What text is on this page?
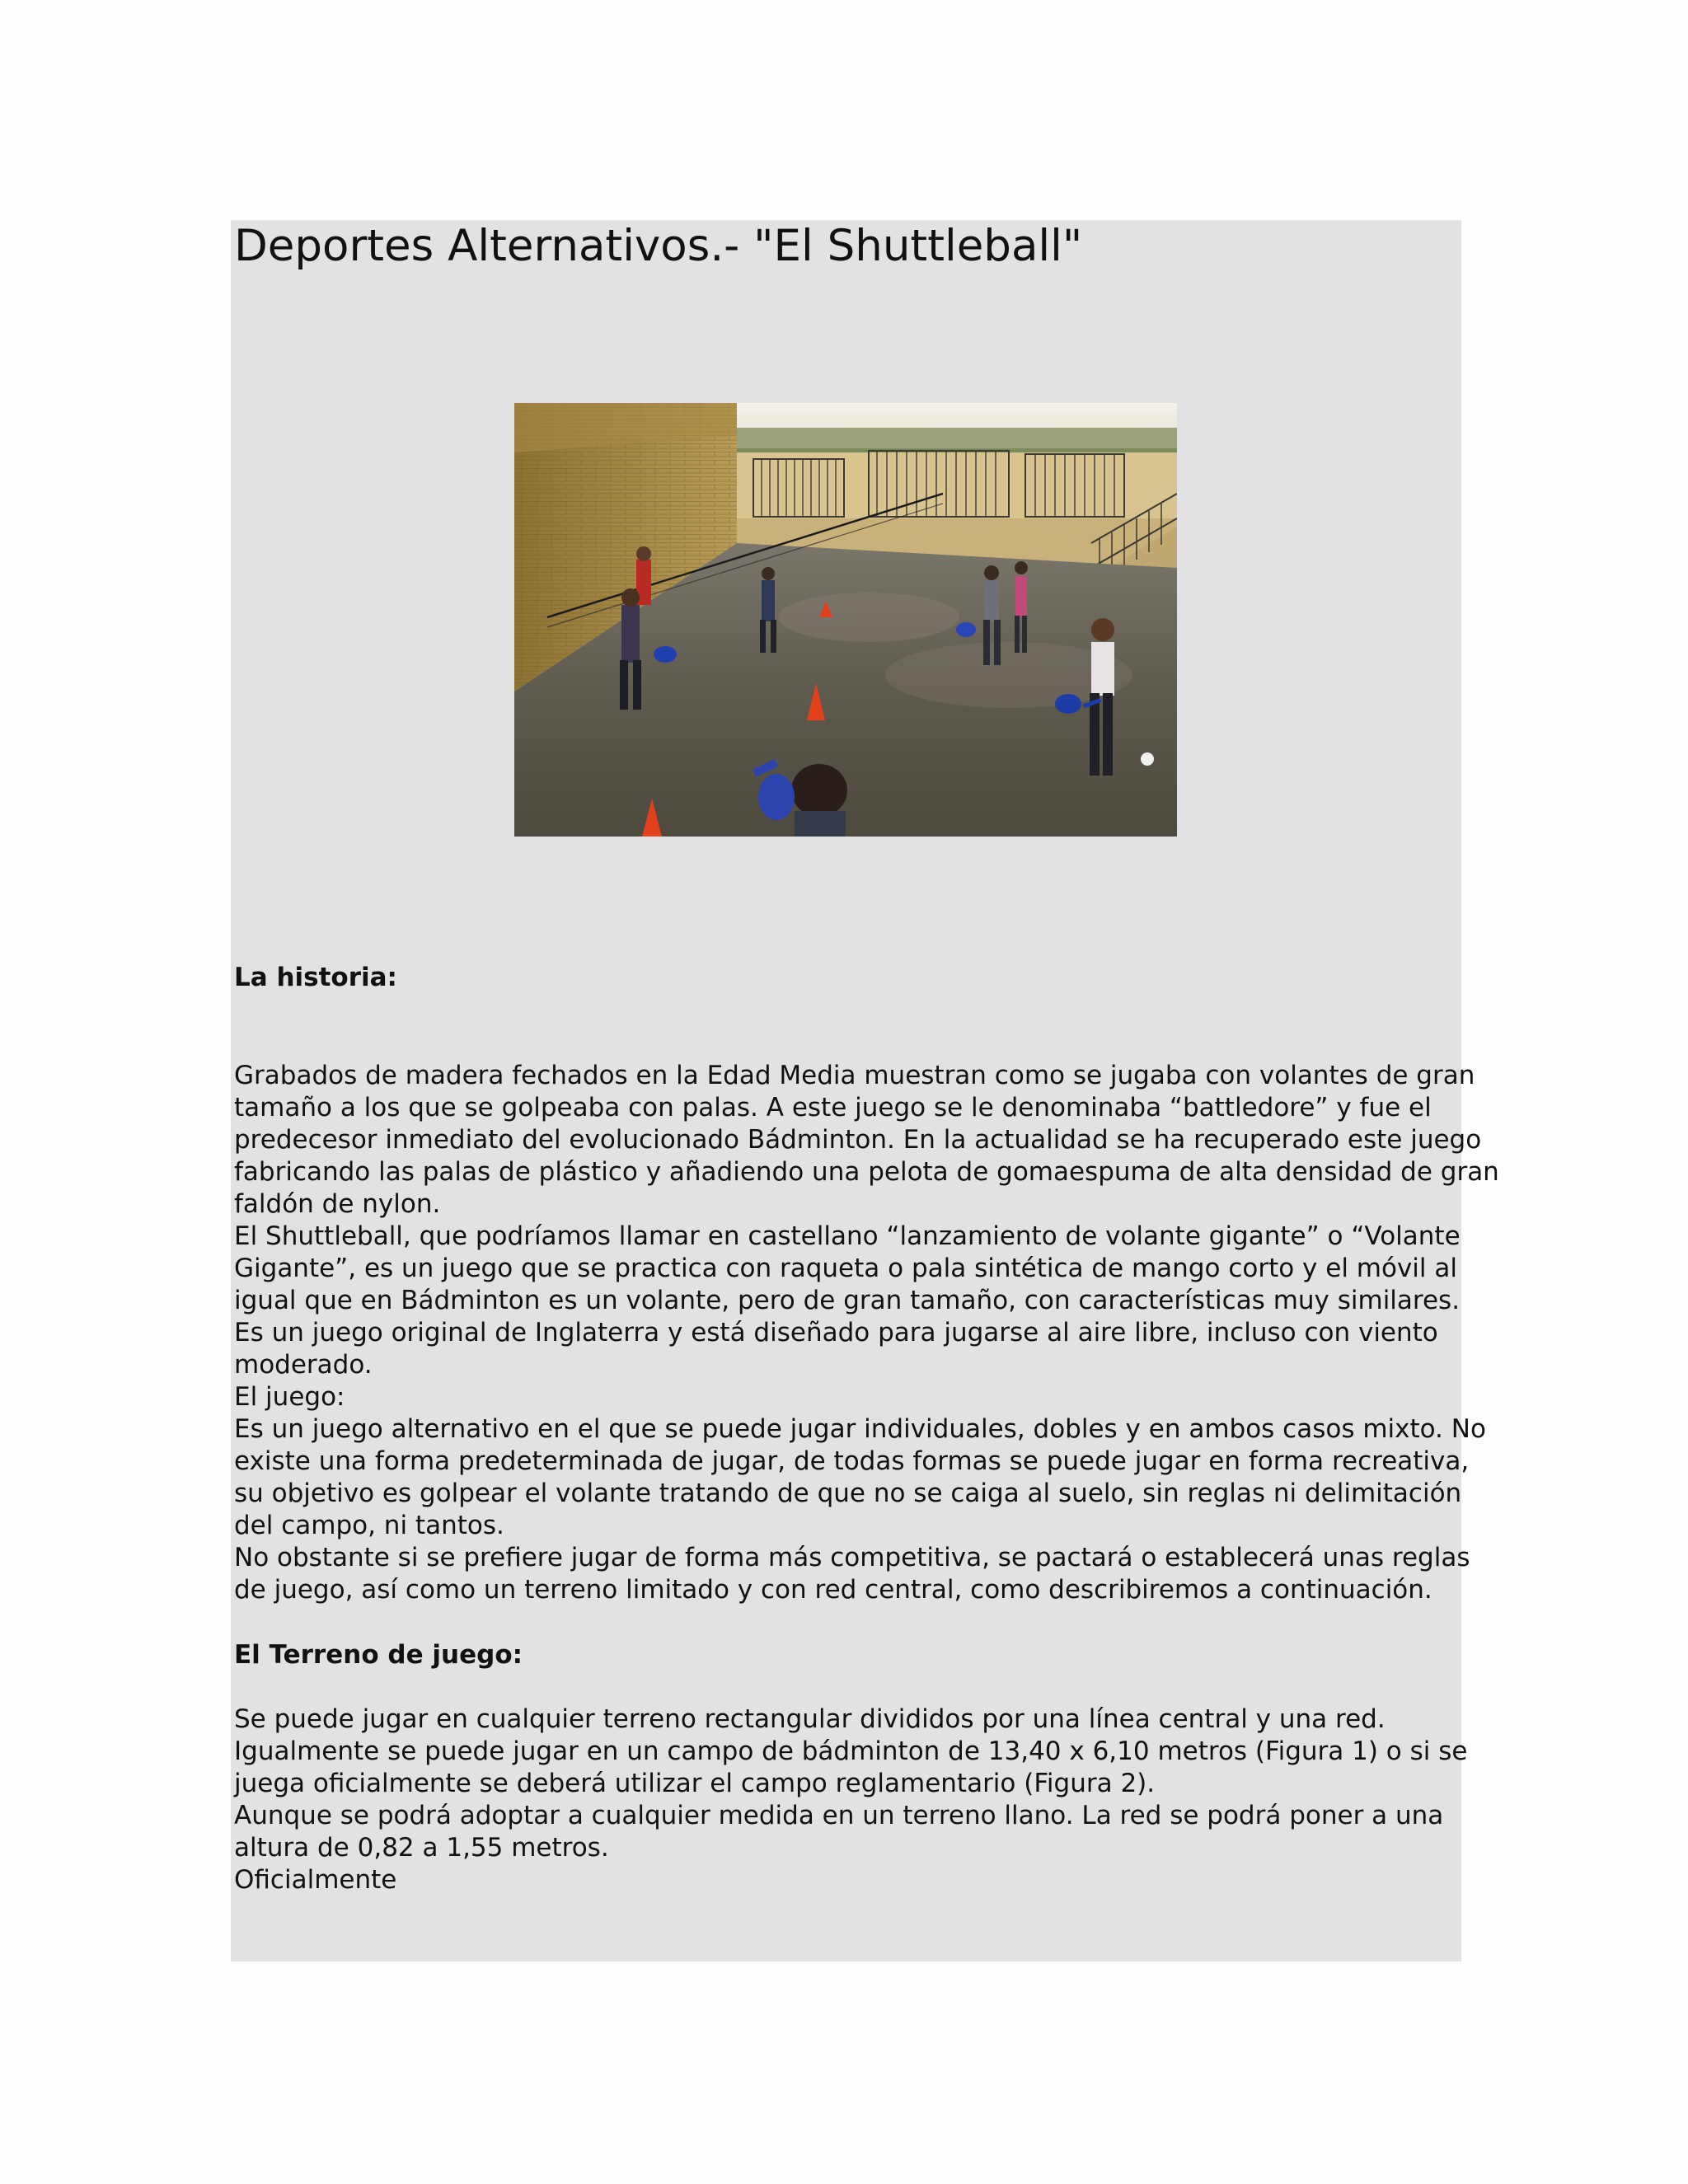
Deportes Alternativos.- "El Shuttleball"
La historia:

Grabados de madera fechados en la Edad Media muestran como se jugaba con volantes de gran

tamaño a los que se golpeaba con palas. A este juego se le denominaba “battledore” y fue el

predecesor inmediato del evolucionado Bádminton. En la actualidad se ha recuperado este juego

fabricando las palas de plástico y añadiendo una pelota de gomaespuma de alta densidad de gran

faldón de nylon.

El Shuttleball, que podríamos llamar en castellano “lanzamiento de volante gigante” o “Volante

Gigante”, es un juego que se practica con raqueta o pala sintética de mango corto y el móvil al

igual que en Bádminton es un volante, pero de gran tamaño, con características muy similares.

Es un juego original de Inglaterra y está diseñado para jugarse al aire libre, incluso con viento

moderado.

El juego:

Es un juego alternativo en el que se puede jugar individuales, dobles y en ambos casos mixto. No

existe una forma predeterminada de jugar, de todas formas se puede jugar en forma recreativa,

su objetivo es golpear el volante tratando de que no se caiga al suelo, sin reglas ni delimitación

del campo, ni tantos.

No obstante si se prefiere jugar de forma más competitiva, se pactará o establecerá unas reglas

de juego, así como un terreno limitado y con red central, como describiremos a continuación.

El Terreno de juego:

Se puede jugar en cualquier terreno rectangular divididos por una línea central y una red.

Igualmente se puede jugar en un campo de bádminton de 13,40 x 6,10 metros (Figura 1) o si se

juega oficialmente se deberá utilizar el campo reglamentario (Figura 2).

Aunque se podrá adoptar a cualquier medida en un terreno llano. La red se podrá poner a una

altura de 0,82 a 1,55 metros.

Oficialmente
